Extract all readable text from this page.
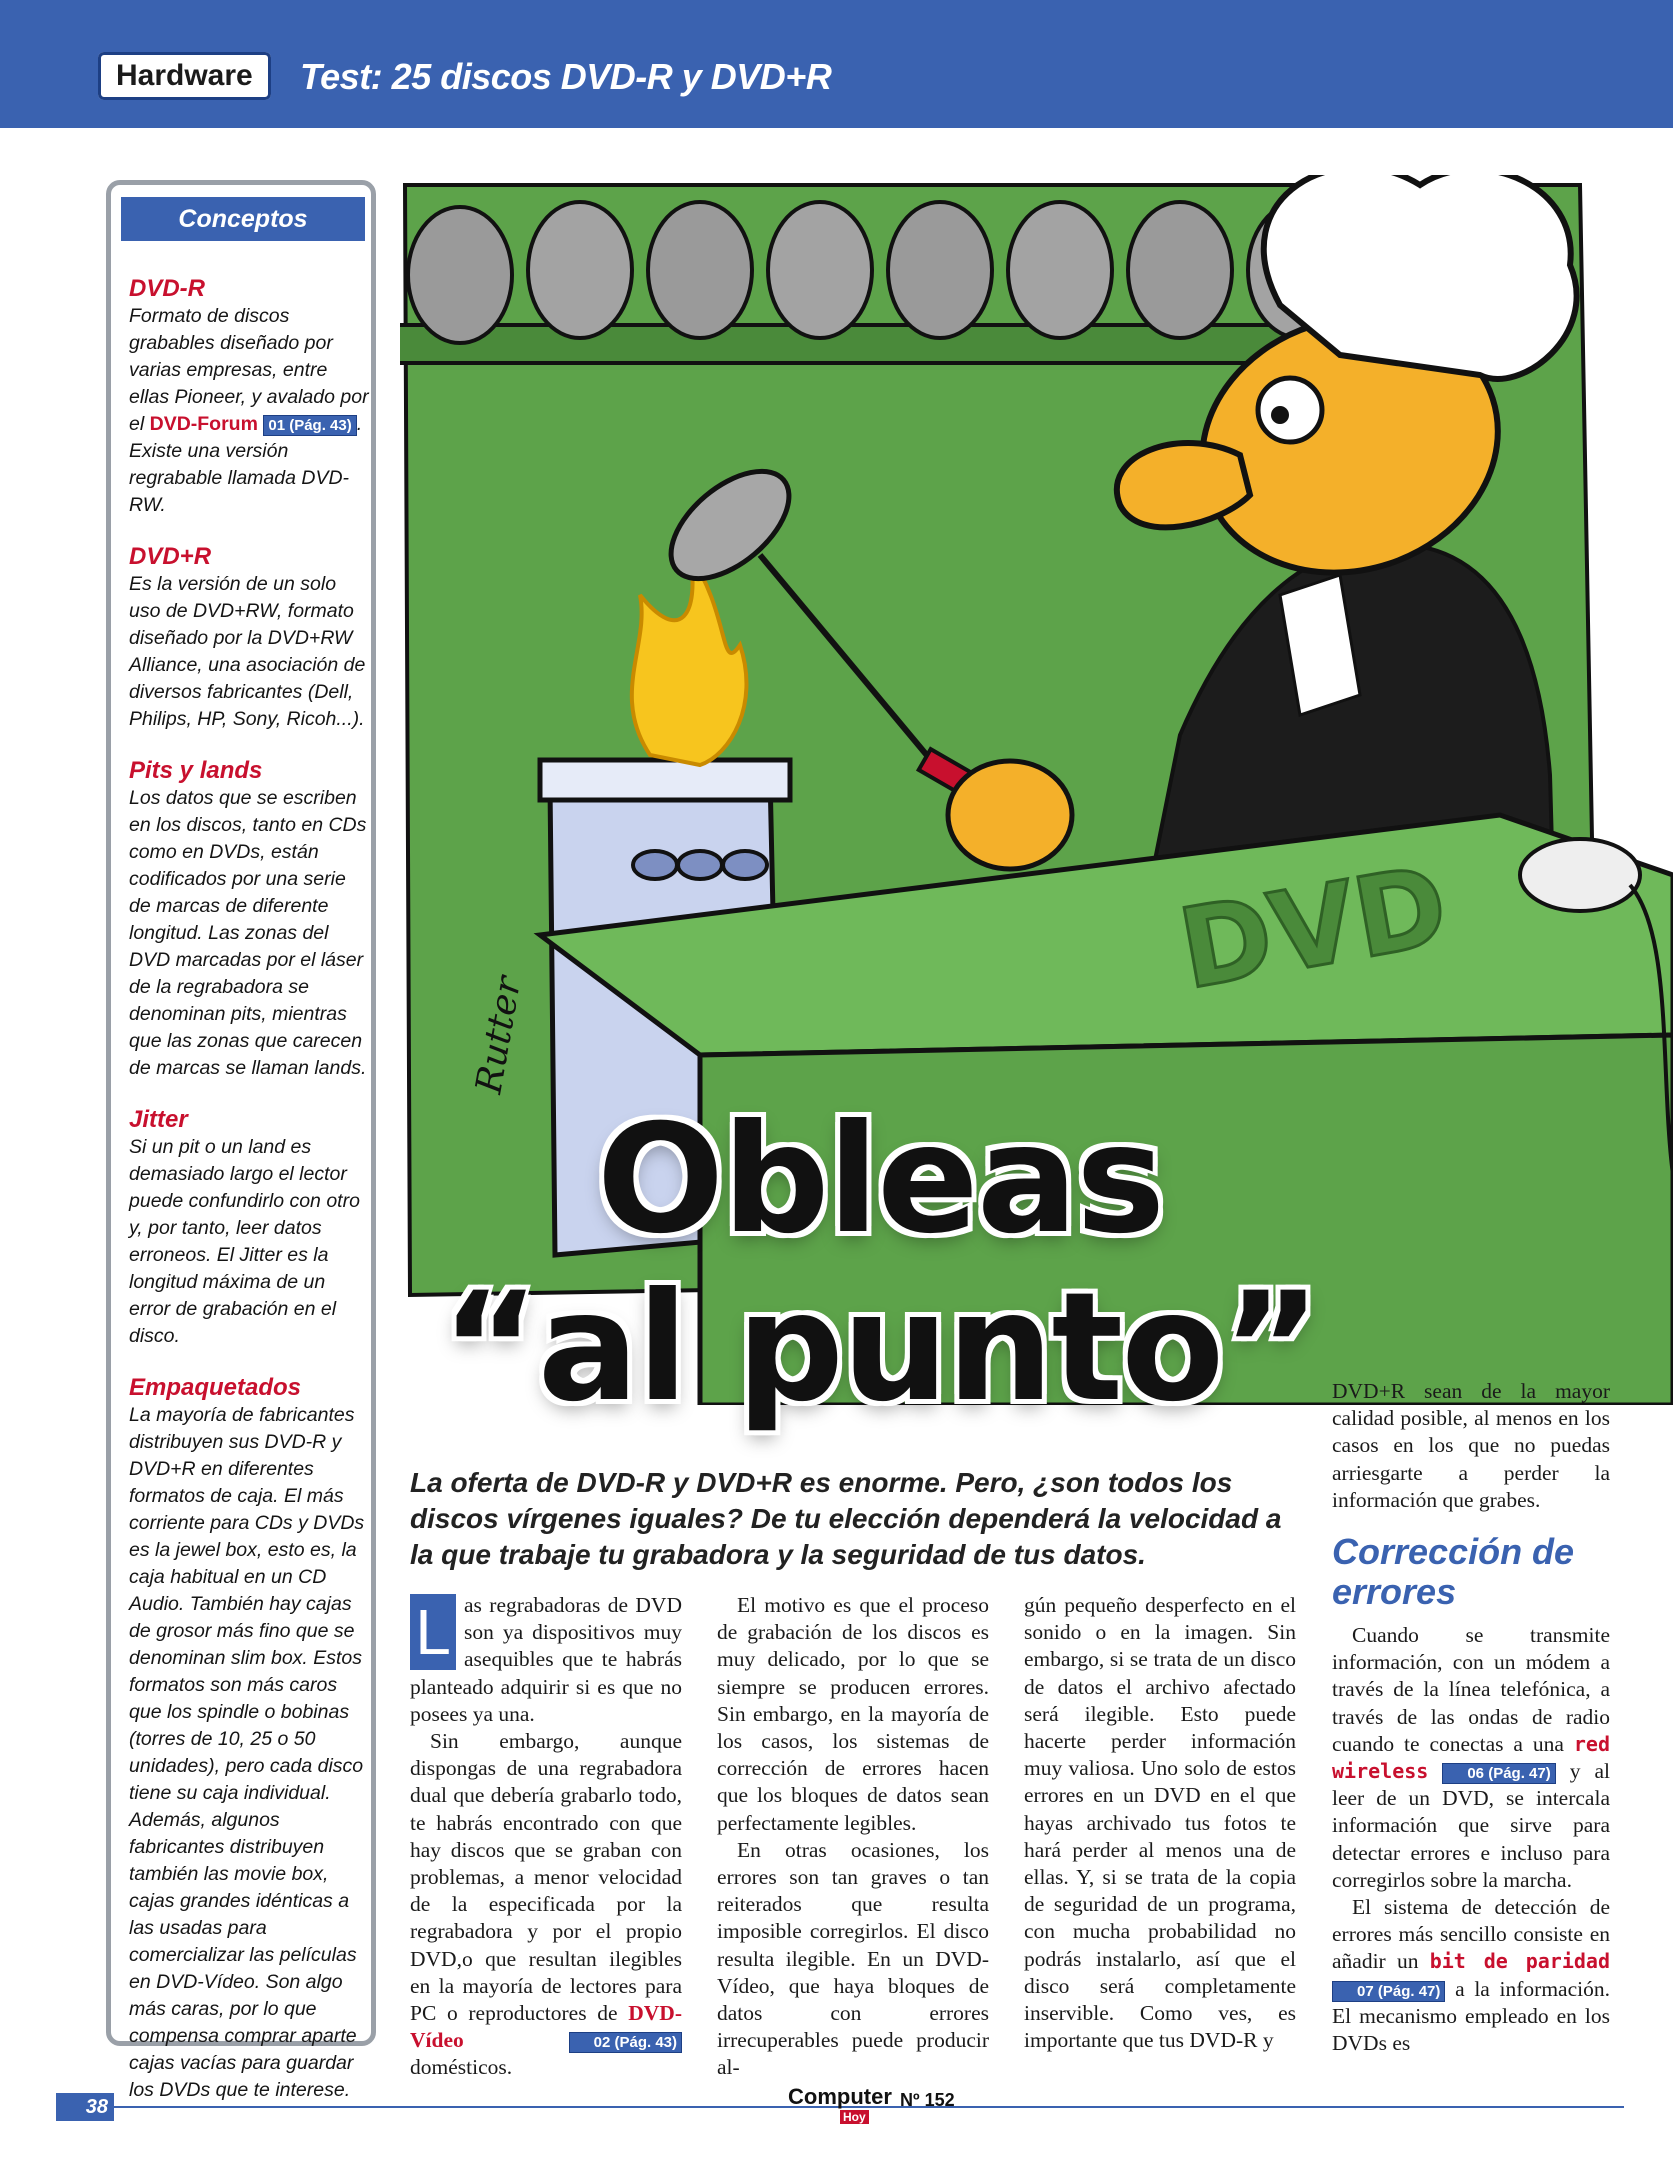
Hardware	Test: 25 discos DVD-R y DVD+R
Conceptos
DVD-R

Formato de discos grabables diseñado por varias empresas, entre ellas Pioneer, y avalado por el DVD-Forum 01 (Pág. 43) . Existe una versión regrabable llamada DVD-RW.

DVD+R

Es la versión de un solo uso de DVD+RW, formato diseñado por la DVD+RW Alliance, una asociación de diversos fabricantes (Dell, Philips, HP, Sony, Ricoh...).

Pits y lands

Los datos que se escriben en los discos, tanto en CDs como en DVDs, están codificados por una serie de marcas de diferente longitud. Las zonas del DVD marcadas por el láser de la regrabadora se denominan pits, mientras que las zonas que carecen de marcas se llaman lands.

Jitter

Si un pit o un land es demasiado largo el lector puede confundirlo con otro y, por tanto, leer datos erroneos. El Jitter es la longitud máxima de un error de grabación en el disco.

Empaquetados

La mayoría de fabricantes distribuyen sus DVD-R y DVD+R en diferentes formatos de caja. El más corriente para CDs y DVDs es la jewel box, esto es, la caja habitual en un CD Audio. También hay cajas de grosor más fino que se denominan slim box. Estos formatos son más caros que los spindle o bobinas (torres de 10, 25 o 50 unidades), pero cada disco tiene su caja individual. Además, algunos fabricantes distribuyen también las movie box, cajas grandes idénticas a las usadas para comercializar las películas en DVD-Vídeo. Son algo más caras, por lo que compensa comprar aparte cajas vacías para guardar los DVDs que te interese.

DVD
Rutter
Obleas
“al punto”
La oferta de DVD-R y DVD+R es enorme. Pero, ¿son todos los discos vírgenes iguales? De tu elección dependerá la velocidad a la que trabaje tu grabadora y la seguridad de tus datos.

L as regrabadoras de DVD son ya dispositivos muy asequibles que te habrás planteado adquirir si es que no posees ya una.

Sin embargo, aunque dispongas de una regrabadora dual que debería grabarlo todo, te habrás encontrado con que hay discos que se graban con problemas, a menor velocidad de la especificada por la regrabadora y por el propio DVD,o que resultan ilegibles en la mayoría de lectores para PC o reproductores de DVD-Vídeo	02 (Pág. 43) domésticos.

El motivo es que el proceso de grabación de los discos es muy delicado, por lo que se siempre se producen errores. Sin embargo, en la mayoría de los casos, los sistemas de corrección de errores hacen que los bloques de datos sean perfectamente legibles.

En otras ocasiones, los errores son tan graves o tan reiterados que resulta imposible corregirlos. El disco resulta ilegible. En un DVD-Vídeo, que haya bloques de datos con errores irrecuperables puede producir al-

gún pequeño desperfecto en el sonido o en la imagen. Sin embargo, si se trata de un disco de datos el archivo afectado será ilegible. Esto puede hacerte perder información muy valiosa. Uno solo de estos errores en un DVD en el que hayas archivado tus fotos te hará perder al menos una de ellas. Y, si se trata de la copia de seguridad de un programa, con mucha probabilidad no podrás instalarlo, así que el disco será completamente inservible. Como ves, es importante que tus DVD-R y

DVD+R sean de la mayor calidad posible, al menos en los casos en los que no puedas arriesgarte a perder la información que grabes.

Corrección de errores

Cuando se transmite información, con un módem a través de la línea telefónica, a través de las ondas de radio cuando te conectas a una red wireless	06 (Pág. 47) y al leer de un DVD, se intercala información que sirve para detectar errores e incluso para corregirlos sobre la marcha.

El sistema de detección de errores más sencillo consiste en añadir un bit de paridad 07 (Pág. 47) a la información. El mecanismo empleado en los DVDs es

38	Computer
Hoy
Nº 152
